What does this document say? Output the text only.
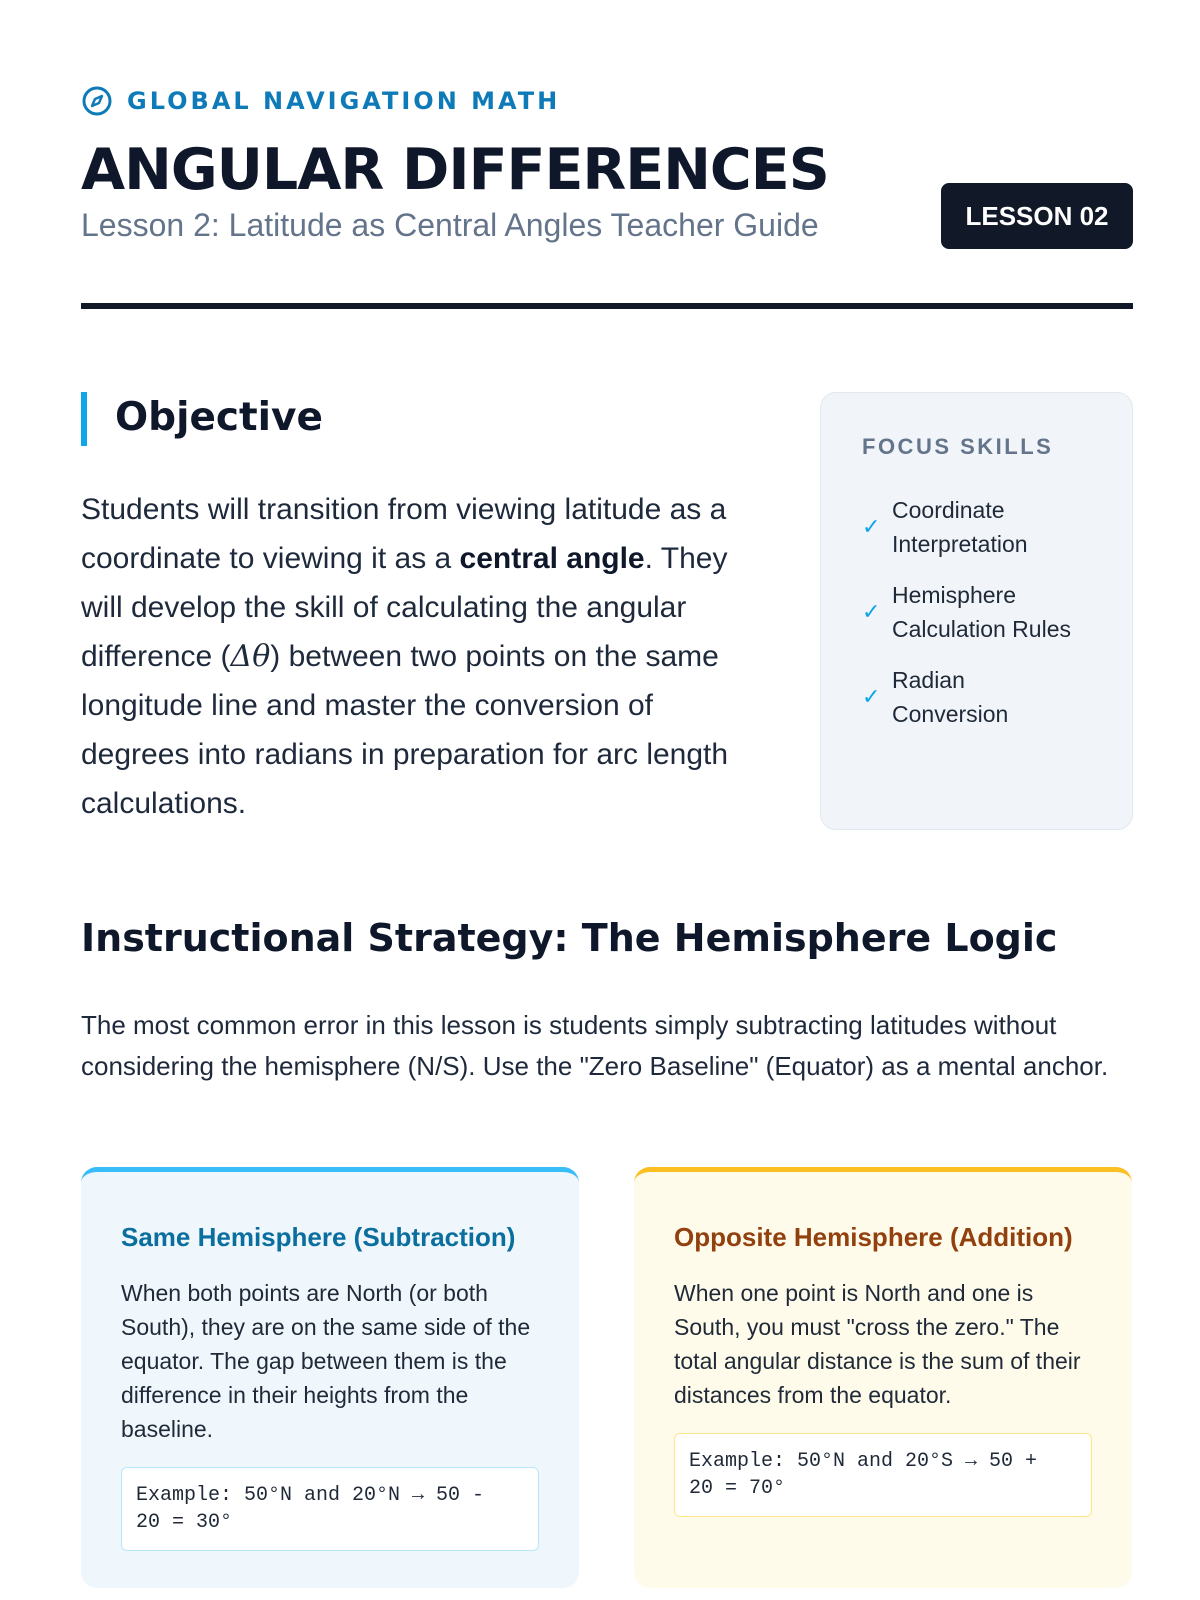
GLOBAL NAVIGATION MATH
ANGULAR DIFFERENCES
Lesson 2: Latitude as Central Angles Teacher Guide	LESSON 02
Objective

Students will transition from viewing latitude as a coordinate to viewing it as a central angle. They will develop the skill of calculating the angular difference (Δθ) between two points on the same longitude line and master the conversion of degrees into radians in preparation for arc length calculations.

FOCUS SKILLS
✓
Coordinate
Interpretation
✓
Hemisphere
Calculation Rules
✓
Radian
Conversion
Instructional Strategy: The Hemisphere Logic

The most common error in this lesson is students simply subtracting latitudes without considering the hemisphere (N/S). Use the "Zero Baseline" (Equator) as a mental anchor.

Same Hemisphere (Subtraction)

When both points are North (or both South), they are on the same side of the equator. The gap between them is the difference in their heights from the baseline.

Example: 50°N and 20°N → 50 -
20 = 30°
Opposite Hemisphere (Addition)

When one point is North and one is South, you must "cross the zero." The total angular distance is the sum of their distances from the equator.

Example: 50°N and 20°S → 50 +
20 = 70°
